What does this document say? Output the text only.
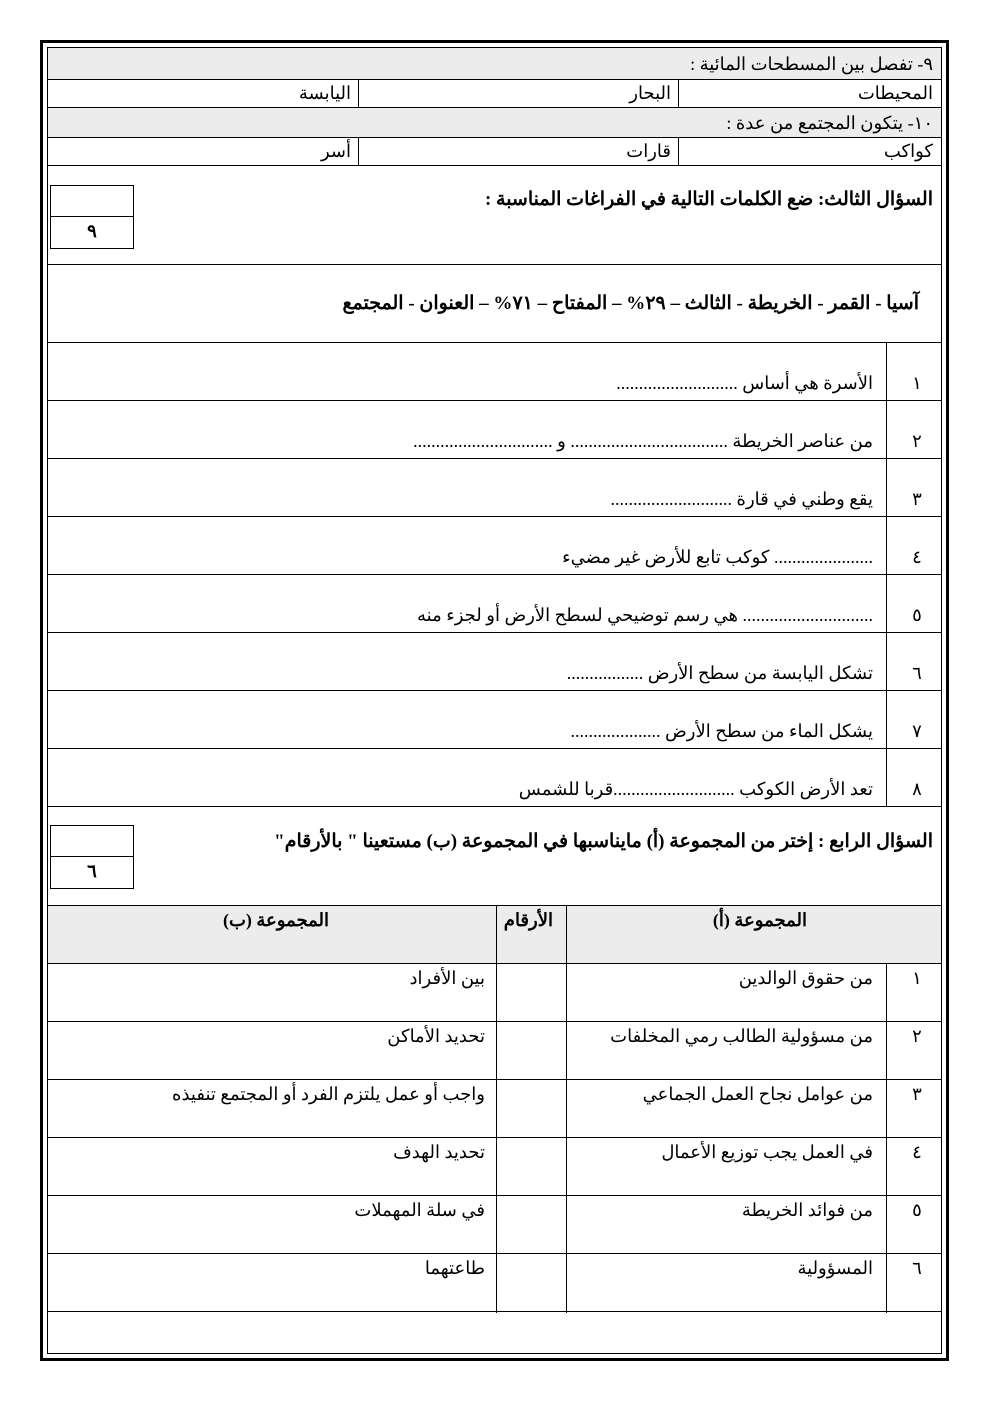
٩- تفصل بين المسطحات المائية :
المحيطات
البحار
اليابسة
١٠- يتكون المجتمع من عدة :
كواكب
قارات
أسر
السؤال الثالث: ضع الكلمات التالية في الفراغات المناسبة :
٩
آسيا - القمر - الخريطة - الثالث – ٢٩% – المفتاح – ٧١% – العنوان - المجتمع
١
الأسرة هي أساس ...........................
٢
من عناصر الخريطة ................................... و ...............................
٣
يقع وطني في قارة ...........................
٤
...................... كوكب تابع للأرض غير مضيء
٥
............................. هي رسم توضيحي لسطح الأرض أو لجزء منه
٦
تشكل اليابسة من سطح الأرض .................
٧
يشكل الماء من سطح الأرض ....................
٨
تعد الأرض الكوكب ...........................قربا للشمس
السؤال الرابع : إختر من المجموعة (أ) مايناسبها في المجموعة (ب) مستعينا " بالأرقام"
٦
المجموعة (أ)
الأرقام
المجموعة (ب)
١
من حقوق الوالدين
بين الأفراد
٢
من مسؤولية الطالب رمي المخلفات
تحديد الأماكن
٣
من عوامل نجاح العمل الجماعي
واجب أو عمل يلتزم الفرد أو المجتمع تنفيذه
٤
في العمل يجب توزيع الأعمال
تحديد الهدف
٥
من فوائد الخريطة
في سلة المهملات
٦
المسؤولية
طاعتهما
